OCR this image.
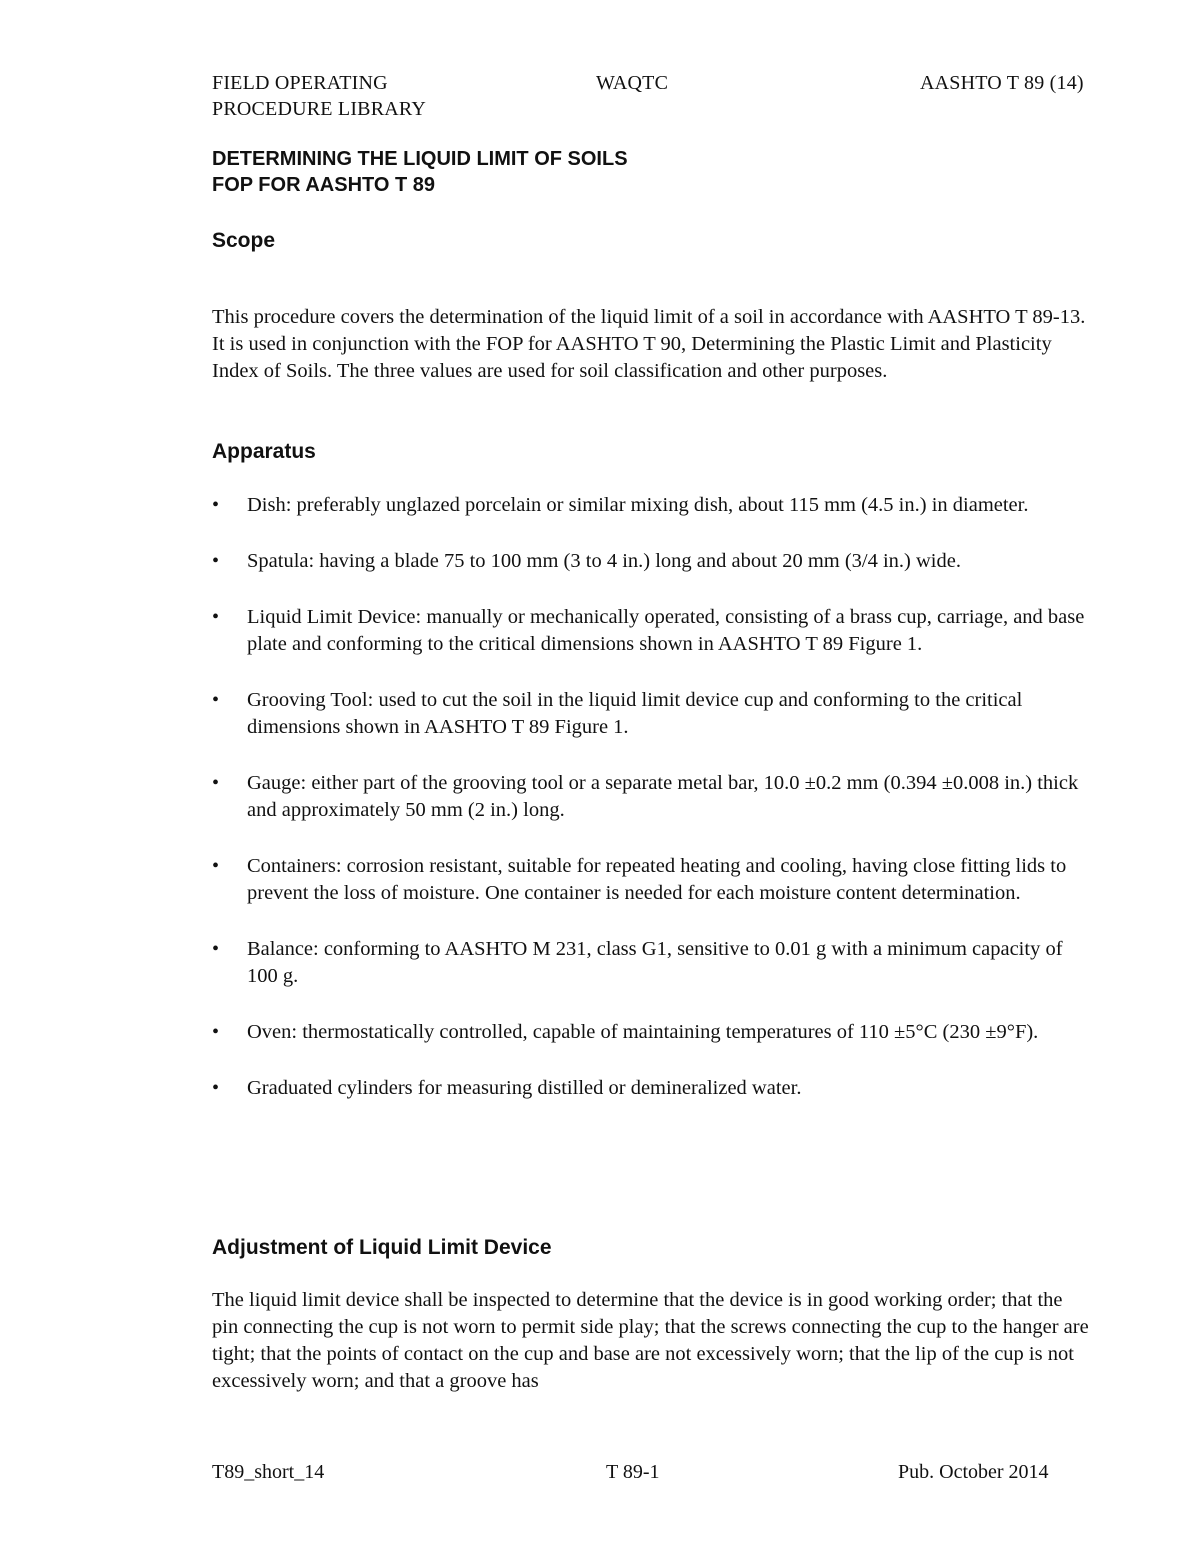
FIELD OPERATING
PROCEDURE LIBRARY
WAQTC	AASHTO T 89 (14)
DETERMINING THE LIQUID LIMIT OF SOILS
FOP FOR AASHTO T 89
Scope

This procedure covers the determination of the liquid limit of a soil in accordance with AASHTO T 89-13. It is used in conjunction with the FOP for AASHTO T 90, Determining the Plastic Limit and Plasticity Index of Soils. The three values are used for soil classification and other purposes.

Apparatus
• Dish: preferably unglazed porcelain or similar mixing dish, about 115 mm (4.5 in.) in diameter.
• Spatula: having a blade 75 to 100 mm (3 to 4 in.) long and about 20 mm (3/4 in.) wide.
• Liquid Limit Device: manually or mechanically operated, consisting of a brass cup, carriage, and base plate and conforming to the critical dimensions shown in AASHTO T 89 Figure 1.
• Grooving Tool: used to cut the soil in the liquid limit device cup and conforming to the critical dimensions shown in AASHTO T 89 Figure 1.
• Gauge: either part of the grooving tool or a separate metal bar, 10.0 ±0.2 mm (0.394 ±0.008 in.) thick and approximately 50 mm (2 in.) long.
• Containers: corrosion resistant, suitable for repeated heating and cooling, having close fitting lids to prevent the loss of moisture. One container is needed for each moisture content determination.
• Balance: conforming to AASHTO M 231, class G1, sensitive to 0.01 g with a minimum capacity of 100 g.
• Oven: thermostatically controlled, capable of maintaining temperatures of 110 ±5°C (230 ±9°F).
• Graduated cylinders for measuring distilled or demineralized water.
Adjustment of Liquid Limit Device

The liquid limit device shall be inspected to determine that the device is in good working order; that the pin connecting the cup is not worn to permit side play; that the screws connecting the cup to the hanger are tight; that the points of contact on the cup and base are not excessively worn; that the lip of the cup is not excessively worn; and that a groove has

T89_short_14	T 89-1	Pub. October 2014
